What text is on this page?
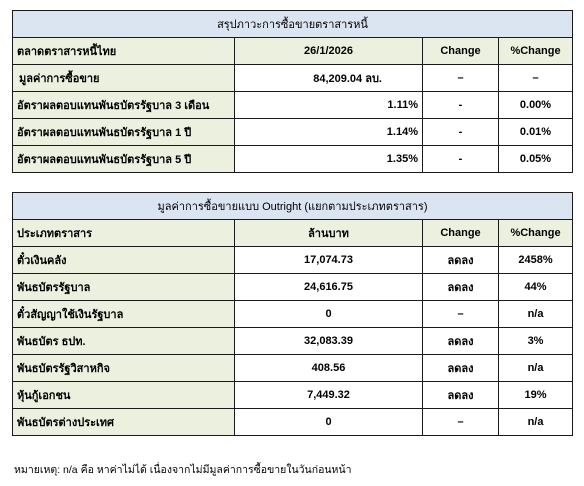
สรุปภาวะการซื้อขายตราสารหนี้			
ตลาดตราสารหนี้ไทย	26/1/2026	Change	%Change
มูลค่าการซื้อขาย	84,209.04 ลบ.	–	–
อัตราผลตอบแทนพันธบัตรรัฐบาล 3 เดือน	1.11%	-	0.00%
อัตราผลตอบแทนพันธบัตรรัฐบาล 1 ปี	1.14%	-	0.01%
อัตราผลตอบแทนพันธบัตรรัฐบาล 5 ปี	1.35%	-	0.05%
มูลค่าการซื้อขายแบบ Outright (แยกตามประเภทตราสาร)			
ประเภทตราสาร	ล้านบาท	Change	%Change
ตั๋วเงินคลัง	17,074.73	ลดลง	2458%
พันธบัตรรัฐบาล	24,616.75	ลดลง	44%
ตั๋วสัญญาใช้เงินรัฐบาล	0	–	n/a
พันธบัตร ธปท.	32,083.39	ลดลง	3%
พันธบัตรรัฐวิสาหกิจ	408.56	ลดลง	n/a
หุ้นกู้เอกชน	7,449.32	ลดลง	19%
พันธบัตรต่างประเทศ	0	–	n/a
หมายเหตุ: n/a คือ หาค่าไม่ได้ เนื่องจากไม่มีมูลค่าการซื้อขายในวันก่อนหน้า
